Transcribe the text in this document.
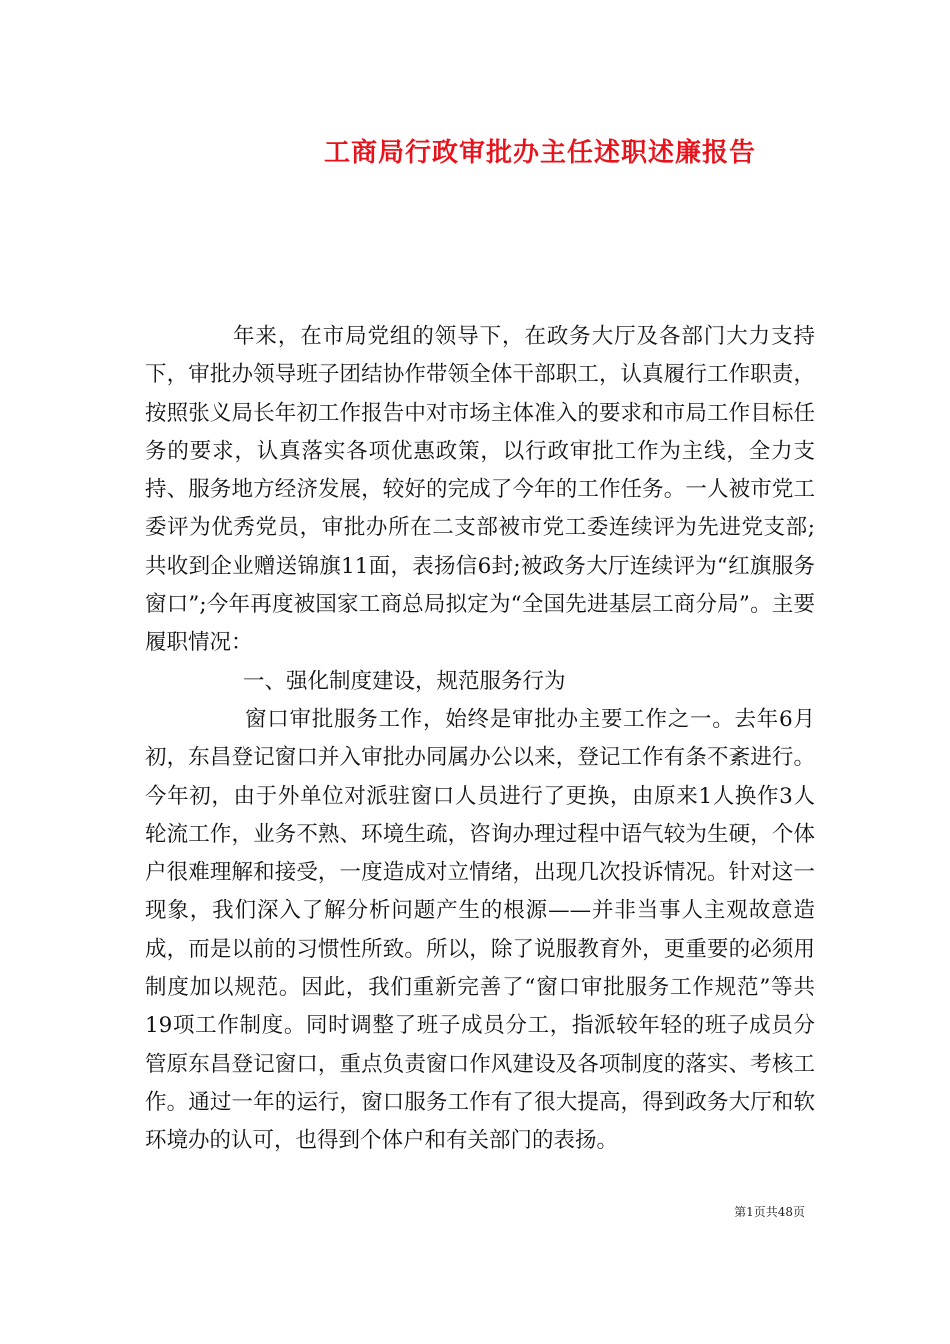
工商局行政审批办主任述职述廉报告

年来，在市局党组的领导下，在政务大厅及各部门大力支持下，审批办领导班子团结协作带领全体干部职工，认真履行工作职责，按照张义局长年初工作报告中对市场主体准入的要求和市局工作目标任务的要求，认真落实各项优惠政策，以行政审批工作为主线，全力支持、服务地方经济发展，较好的完成了今年的工作任务。一人被市党工委评为优秀党员，审批办所在二支部被市党工委连续评为先进党支部;共收到企业赠送锦旗11面，表扬信6封;被政务大厅连续评为“红旗服务窗口”;今年再度被国家工商总局拟定为“全国先进基层工商分局”。主要履职情况：

一、强化制度建设，规范服务行为

窗口审批服务工作，始终是审批办主要工作之一。去年6月初，东昌登记窗口并入审批办同属办公以来，登记工作有条不紊进行。今年初，由于外单位对派驻窗口人员进行了更换，由原来1人换作3人轮流工作，业务不熟、环境生疏，咨询办理过程中语气较为生硬，个体户很难理解和接受，一度造成对立情绪，出现几次投诉情况。针对这一现象，我们深入了解分析问题产生的根源——并非当事人主观故意造成，而是以前的习惯性所致。所以，除了说服教育外，更重要的必须用制度加以规范。因此，我们重新完善了“窗口审批服务工作规范”等共19项工作制度。同时调整了班子成员分工，指派较年轻的班子成员分管原东昌登记窗口，重点负责窗口作风建设及各项制度的落实、考核工作。通过一年的运行，窗口服务工作有了很大提高，得到政务大厅和软环境办的认可，也得到个体户和有关部门的表扬。

第1页共48页
